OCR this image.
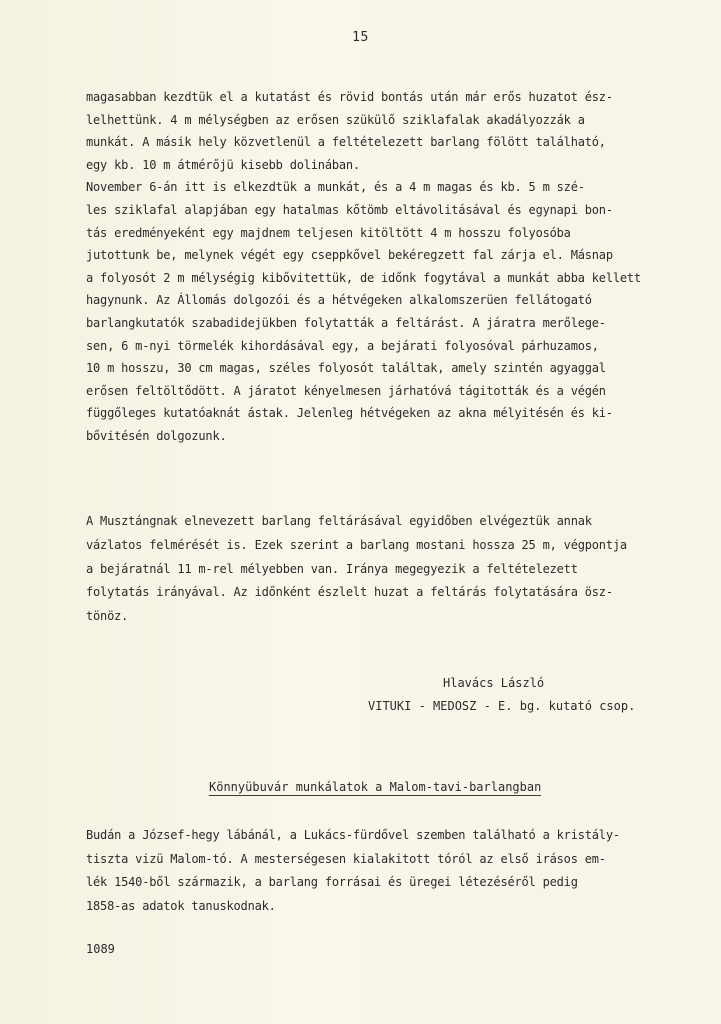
15
magasabban kezdtük el a kutatást és rövid bontás után már erős huzatot ész-
lelhettünk. 4 m mélységben az erősen szükülő sziklafalak akadályozzák a
munkát. A másik hely közvetlenül a feltételezett barlang fölött található,
egy kb. 10 m átmérőjü kisebb dolinában.
November 6-án itt is elkezdtük a munkát, és a 4 m magas és kb. 5 m szé-
les sziklafal alapjában egy hatalmas kőtömb eltávolitásával és egynapi bon-
tás eredményeként egy majdnem teljesen kitöltött 4 m hosszu folyosóba
jutottunk be, melynek végét egy cseppkővel bekéregzett fal zárja el. Másnap
a folyosót 2 m mélységig kibővitettük, de időnk fogytával a munkát abba kellett
hagynunk. Az Állomás dolgozói és a hétvégeken alkalomszerüen fellátogató
barlangkutatók szabadidejükben folytatták a feltárást. A járatra merőlege-
sen, 6 m-nyi törmelék kihordásával egy, a bejárati folyosóval párhuzamos,
10 m hosszu, 30 cm magas, széles folyosót találtak, amely szintén agyaggal
erősen feltöltődött. A járatot kényelmesen járhatóvá tágitották és a végén
függőleges kutatóaknát ástak. Jelenleg hétvégeken az akna mélyitésén és ki-
bővitésén dolgozunk.
A Musztángnak elnevezett barlang feltárásával egyidőben elvégeztük annak
vázlatos felmérését is. Ezek szerint a barlang mostani hossza 25 m, végpontja
a bejáratnál 11 m-rel mélyebben van. Iránya megegyezik a feltételezett
folytatás irányával. Az időnként észlelt huzat a feltárás folytatására ösz-
tönöz.
Hlavács László
VITUKI - MEDOSZ - E. bg. kutató csop.
Könnyübuvár munkálatok a Malom-tavi-barlangban
Budán a József-hegy lábánál, a Lukács-fürdővel szemben található a kristály-
tiszta vizü Malom-tó. A mesterségesen kialakitott tóról az első irásos em-
lék 1540-ből származik, a barlang forrásai és üregei létezéséről pedig
1858-as adatok tanuskodnak.
1089
